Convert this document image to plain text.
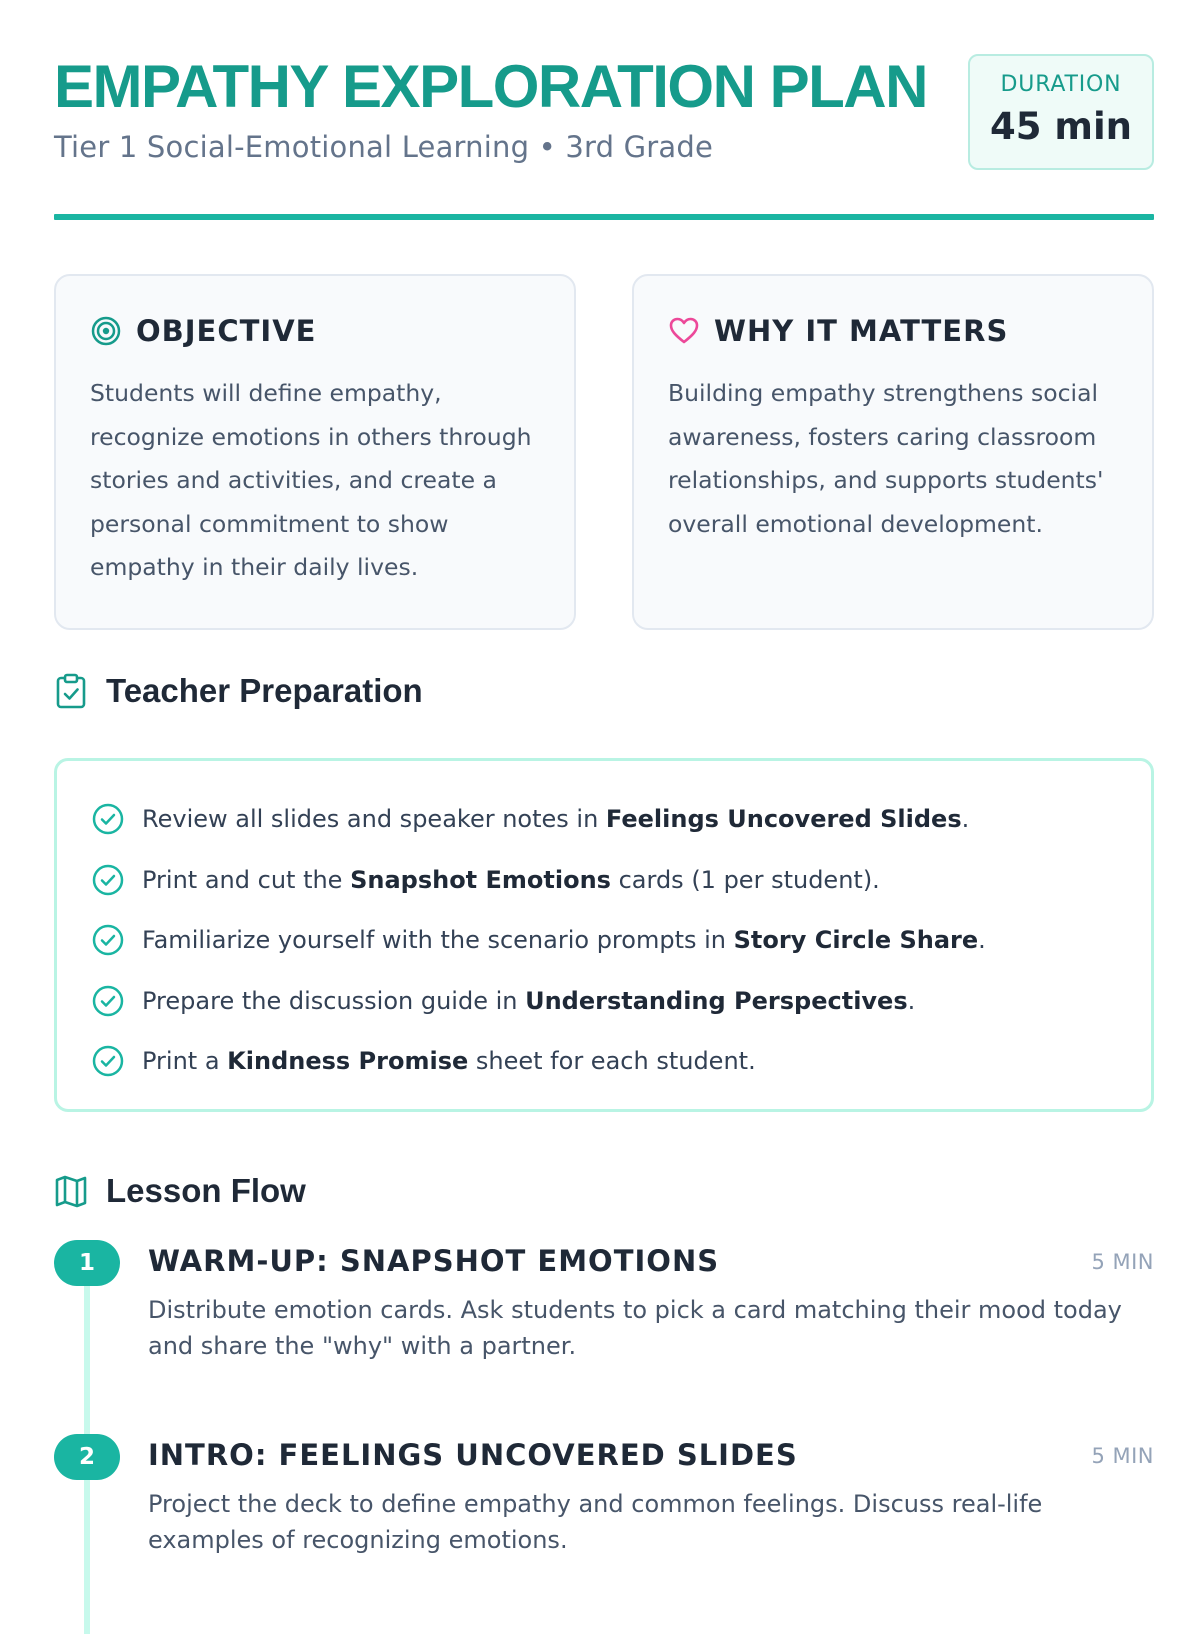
EMPATHY EXPLORATION PLAN

Tier 1 Social-Emotional Learning • 3rd Grade

DURATION
45 min
OBJECTIVE

Students will define empathy, recognize emotions in others through stories and activities, and create a personal commitment to show empathy in their daily lives.

WHY IT MATTERS

Building empathy strengthens social awareness, fosters caring classroom relationships, and supports students' overall emotional development.

Teacher Preparation
Review all slides and speaker notes in Feelings Uncovered Slides.
Print and cut the Snapshot Emotions cards (1 per student).
Familiarize yourself with the scenario prompts in Story Circle Share.
Prepare the discussion guide in Understanding Perspectives.
Print a Kindness Promise sheet for each student.
Lesson Flow
1	WARM-UP: SNAPSHOT EMOTIONS	5 MIN

Distribute emotion cards. Ask students to pick a card matching their mood today and share the "why" with a partner.

2	INTRO: FEELINGS UNCOVERED SLIDES	5 MIN

Project the deck to define empathy and common feelings. Discuss real-life examples of recognizing emotions.
